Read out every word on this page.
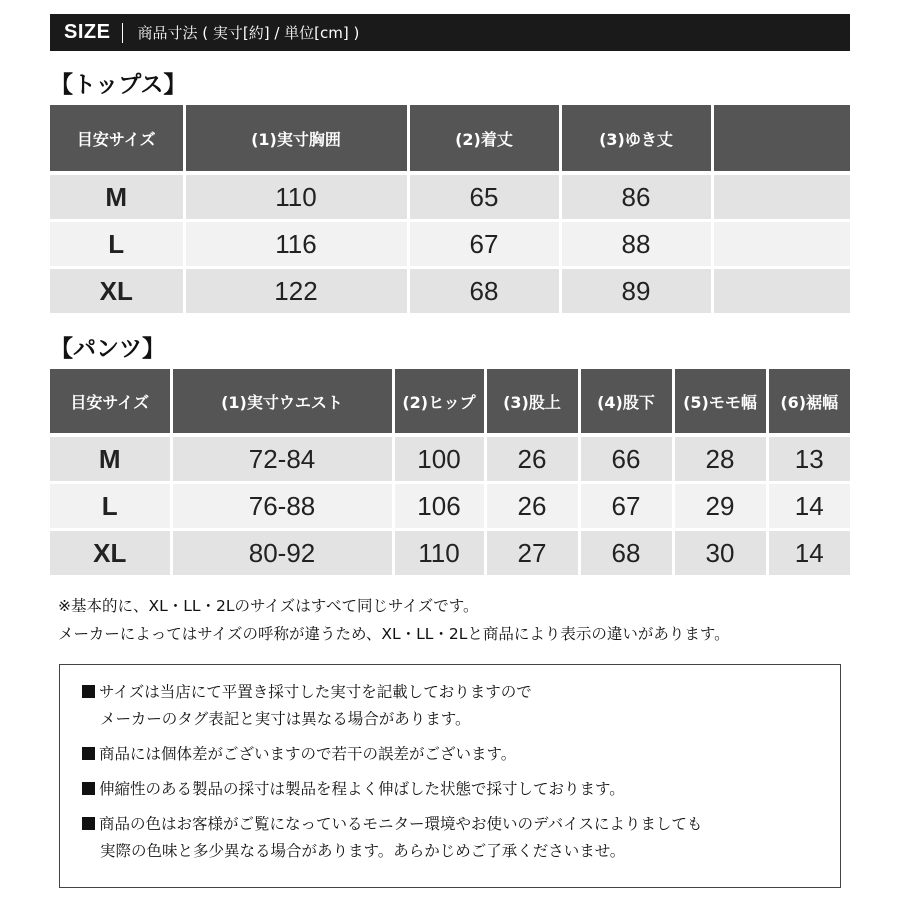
SIZE 商品寸法 ( 実寸[約] / 単位[cm] )
【トップス】
目安サイズ	(1)実寸胸囲	(2)着丈	(3)ゆき丈	
M	110	65	86	
L	116	67	88	
XL	122	68	89	
【パンツ】
目安サイズ	(1)実寸ウエスト	(2)ヒップ	(3)股上	(4)股下	(5)モモ幅	(6)裾幅
M	72-84	100	26	66	28	13
L	76-88	106	26	67	29	14
XL	80-92	110	27	68	30	14
※基本的に、XL・LL・2Lのサイズはすべて同じサイズです。
メーカーによってはサイズの呼称が違うため、XL・LL・2Lと商品により表示の違いがあります。
サイズは当店にて平置き採寸した実寸を記載しておりますので
メーカーのタグ表記と実寸は異なる場合があります。
商品には個体差がございますので若干の誤差がございます。
伸縮性のある製品の採寸は製品を程よく伸ばした状態で採寸しております。
商品の色はお客様がご覧になっているモニター環境やお使いのデバイスによりましても
実際の色味と多少異なる場合があります。あらかじめご了承くださいませ。
